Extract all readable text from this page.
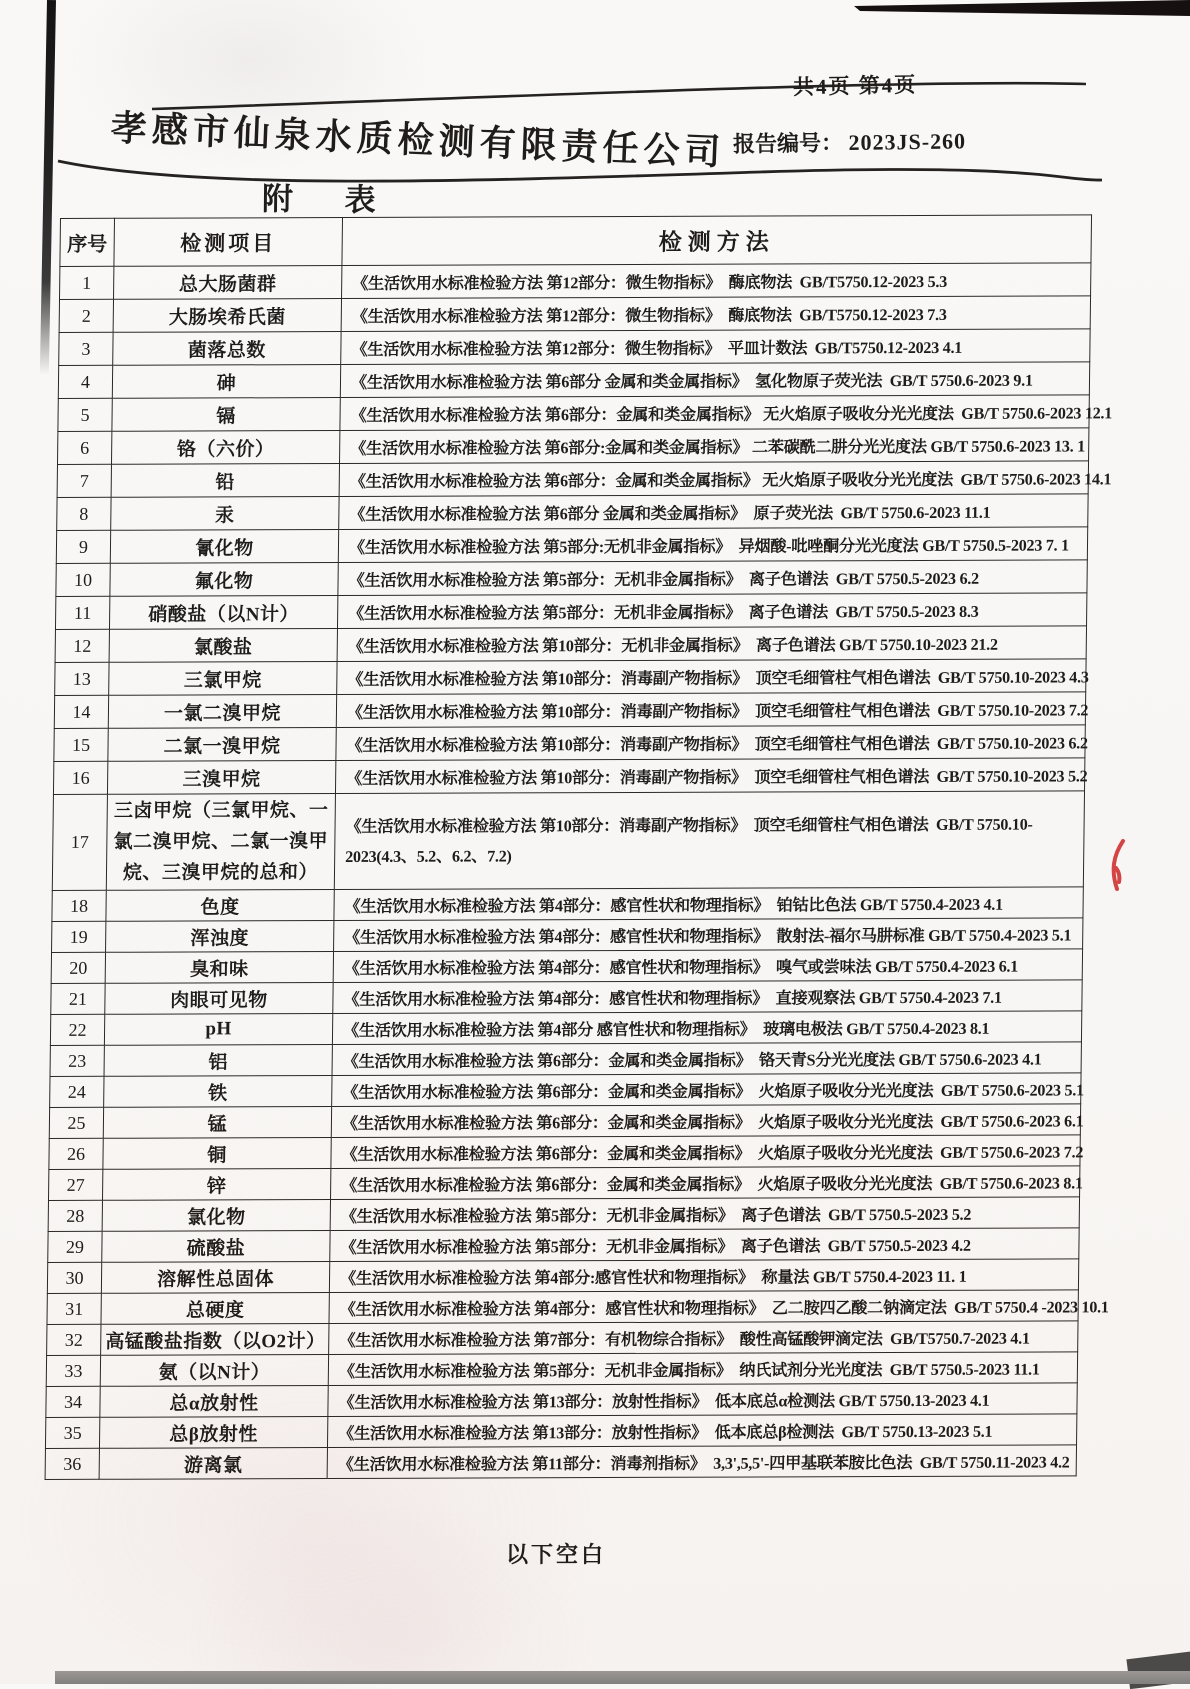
共4页 第4页
孝感市仙泉水质检测有限责任公司 报告编号： 2023JS-260
附      表
序号	检测项目	检测方法
1	总大肠菌群	《生活饮用水标准检验方法 第12部分：微生物指标》  酶底物法  GB/T5750.12-2023 5.3
2	大肠埃希氏菌	《生活饮用水标准检验方法 第12部分：微生物指标》  酶底物法  GB/T5750.12-2023 7.3
3	菌落总数	《生活饮用水标准检验方法 第12部分：微生物指标》  平皿计数法  GB/T5750.12-2023 4.1
4	砷	《生活饮用水标准检验方法 第6部分 金属和类金属指标》  氢化物原子荧光法  GB/T 5750.6-2023 9.1
5	镉	《生活饮用水标准检验方法 第6部分：金属和类金属指标》 无火焰原子吸收分光光度法  GB/T 5750.6-2023 12.1
6	铬（六价）	《生活饮用水标准检验方法 第6部分:金属和类金属指标》 二苯碳酰二肼分光光度法 GB/T 5750.6-2023 13. 1
7	铅	《生活饮用水标准检验方法 第6部分：金属和类金属指标》 无火焰原子吸收分光光度法  GB/T 5750.6-2023 14.1
8	汞	《生活饮用水标准检验方法 第6部分 金属和类金属指标》  原子荧光法  GB/T 5750.6-2023 11.1
9	氰化物	《生活饮用水标准检验方法 第5部分:无机非金属指标》  异烟酸-吡唑酮分光光度法 GB/T 5750.5-2023 7. 1
10	氟化物	《生活饮用水标准检验方法 第5部分：无机非金属指标》  离子色谱法  GB/T 5750.5-2023 6.2
11	硝酸盐（以N计）	《生活饮用水标准检验方法 第5部分：无机非金属指标》  离子色谱法  GB/T 5750.5-2023 8.3
12	氯酸盐	《生活饮用水标准检验方法 第10部分：无机非金属指标》  离子色谱法 GB/T 5750.10-2023 21.2
13	三氯甲烷	《生活饮用水标准检验方法 第10部分：消毒副产物指标》  顶空毛细管柱气相色谱法  GB/T 5750.10-2023 4.3
14	一氯二溴甲烷	《生活饮用水标准检验方法 第10部分：消毒副产物指标》  顶空毛细管柱气相色谱法  GB/T 5750.10-2023 7.2
15	二氯一溴甲烷	《生活饮用水标准检验方法 第10部分：消毒副产物指标》  顶空毛细管柱气相色谱法  GB/T 5750.10-2023 6.2
16	三溴甲烷	《生活饮用水标准检验方法 第10部分：消毒副产物指标》  顶空毛细管柱气相色谱法  GB/T 5750.10-2023 5.2
17	三卤甲烷（三氯甲烷、一氯二溴甲烷、二氯一溴甲烷、三溴甲烷的总和）	《生活饮用水标准检验方法 第10部分：消毒副产物指标》  顶空毛细管柱气相色谱法  GB/T 5750.10-2023(4.3、5.2、6.2、7.2)
18	色度	《生活饮用水标准检验方法 第4部分：感官性状和物理指标》  铂钴比色法 GB/T 5750.4-2023 4.1
19	浑浊度	《生活饮用水标准检验方法 第4部分：感官性状和物理指标》  散射法-福尔马肼标准 GB/T 5750.4-2023 5.1
20	臭和味	《生活饮用水标准检验方法 第4部分：感官性状和物理指标》  嗅气或尝味法 GB/T 5750.4-2023 6.1
21	肉眼可见物	《生活饮用水标准检验方法 第4部分：感官性状和物理指标》  直接观察法 GB/T 5750.4-2023 7.1
22	pH	《生活饮用水标准检验方法 第4部分 感官性状和物理指标》  玻璃电极法 GB/T 5750.4-2023 8.1
23	铝	《生活饮用水标准检验方法 第6部分：金属和类金属指标》  铬天青S分光光度法 GB/T 5750.6-2023 4.1
24	铁	《生活饮用水标准检验方法 第6部分：金属和类金属指标》  火焰原子吸收分光光度法  GB/T 5750.6-2023 5.1
25	锰	《生活饮用水标准检验方法 第6部分：金属和类金属指标》  火焰原子吸收分光光度法  GB/T 5750.6-2023 6.1
26	铜	《生活饮用水标准检验方法 第6部分：金属和类金属指标》  火焰原子吸收分光光度法  GB/T 5750.6-2023 7.2
27	锌	《生活饮用水标准检验方法 第6部分：金属和类金属指标》  火焰原子吸收分光光度法  GB/T 5750.6-2023 8.1
28	氯化物	《生活饮用水标准检验方法 第5部分：无机非金属指标》  离子色谱法  GB/T 5750.5-2023 5.2
29	硫酸盐	《生活饮用水标准检验方法 第5部分：无机非金属指标》  离子色谱法  GB/T 5750.5-2023 4.2
30	溶解性总固体	《生活饮用水标准检验方法 第4部分:感官性状和物理指标》  称量法 GB/T 5750.4-2023 11. 1
31	总硬度	《生活饮用水标准检验方法 第4部分：感官性状和物理指标》  乙二胺四乙酸二钠滴定法  GB/T 5750.4 -2023 10.1
32	高锰酸盐指数（以O2计）	《生活饮用水标准检验方法 第7部分：有机物综合指标》  酸性高锰酸钾滴定法  GB/T5750.7-2023 4.1
33	氨（以N计）	《生活饮用水标准检验方法 第5部分：无机非金属指标》  纳氏试剂分光光度法  GB/T 5750.5-2023 11.1
34	总α放射性	《生活饮用水标准检验方法 第13部分：放射性指标》  低本底总α检测法 GB/T 5750.13-2023 4.1
35	总β放射性	《生活饮用水标准检验方法 第13部分：放射性指标》  低本底总β检测法  GB/T 5750.13-2023 5.1
36	游离氯	《生活饮用水标准检验方法 第11部分：消毒剂指标》  3,3',5,5'-四甲基联苯胺比色法  GB/T 5750.11-2023 4.2
以下空白
